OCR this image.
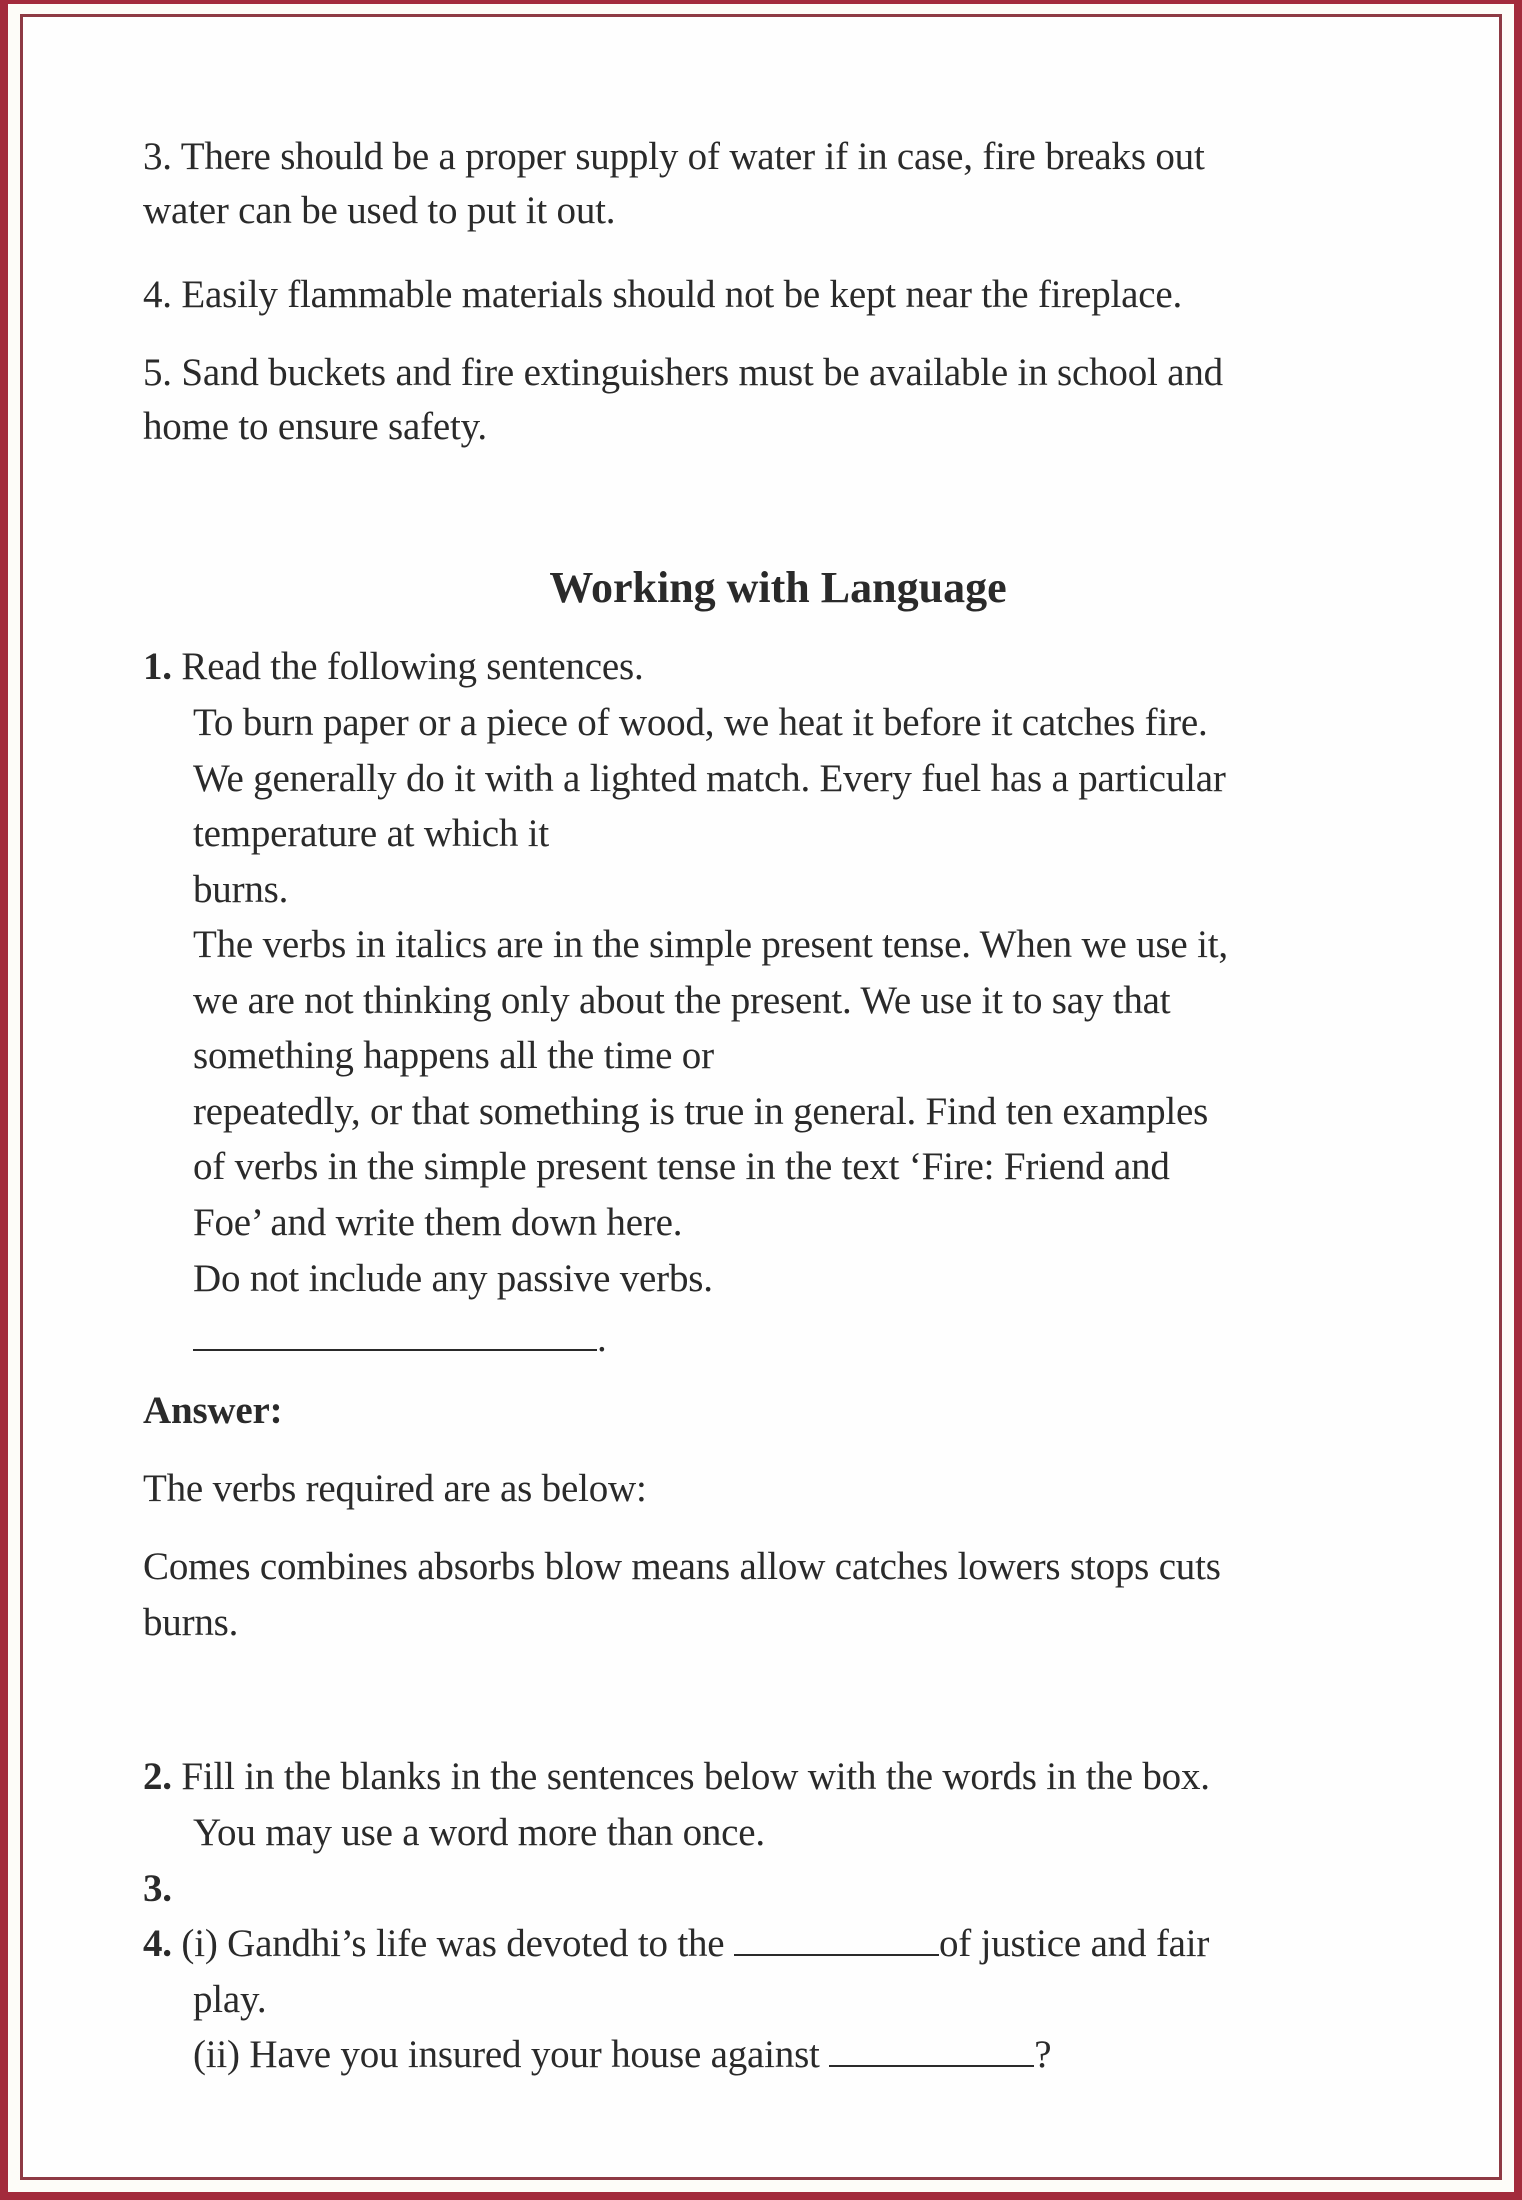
3. There should be a proper supply of water if in case, fire breaks out
water can be used to put it out.
4. Easily flammable materials should not be kept near the fireplace.
5. Sand buckets and fire extinguishers must be available in school and
home to ensure safety.
Working with Language
1. Read the following sentences.
To burn paper or a piece of wood, we heat it before it catches fire.
We generally do it with a lighted match. Every fuel has a particular
temperature at which it
burns.
The verbs in italics are in the simple present tense. When we use it,
we are not thinking only about the present. We use it to say that
something happens all the time or
repeatedly, or that something is true in general. Find ten examples
of verbs in the simple present tense in the text ‘Fire: Friend and
Foe’ and write them down here.
Do not include any passive verbs.
.
Answer:
The verbs required are as below:
Comes combines absorbs blow means allow catches lowers stops cuts
burns.
2. Fill in the blanks in the sentences below with the words in the box.
You may use a word more than once.
3.
4. (i) Gandhi’s life was devoted to the	of justice and fair
play.
(ii) Have you insured your house against	?
